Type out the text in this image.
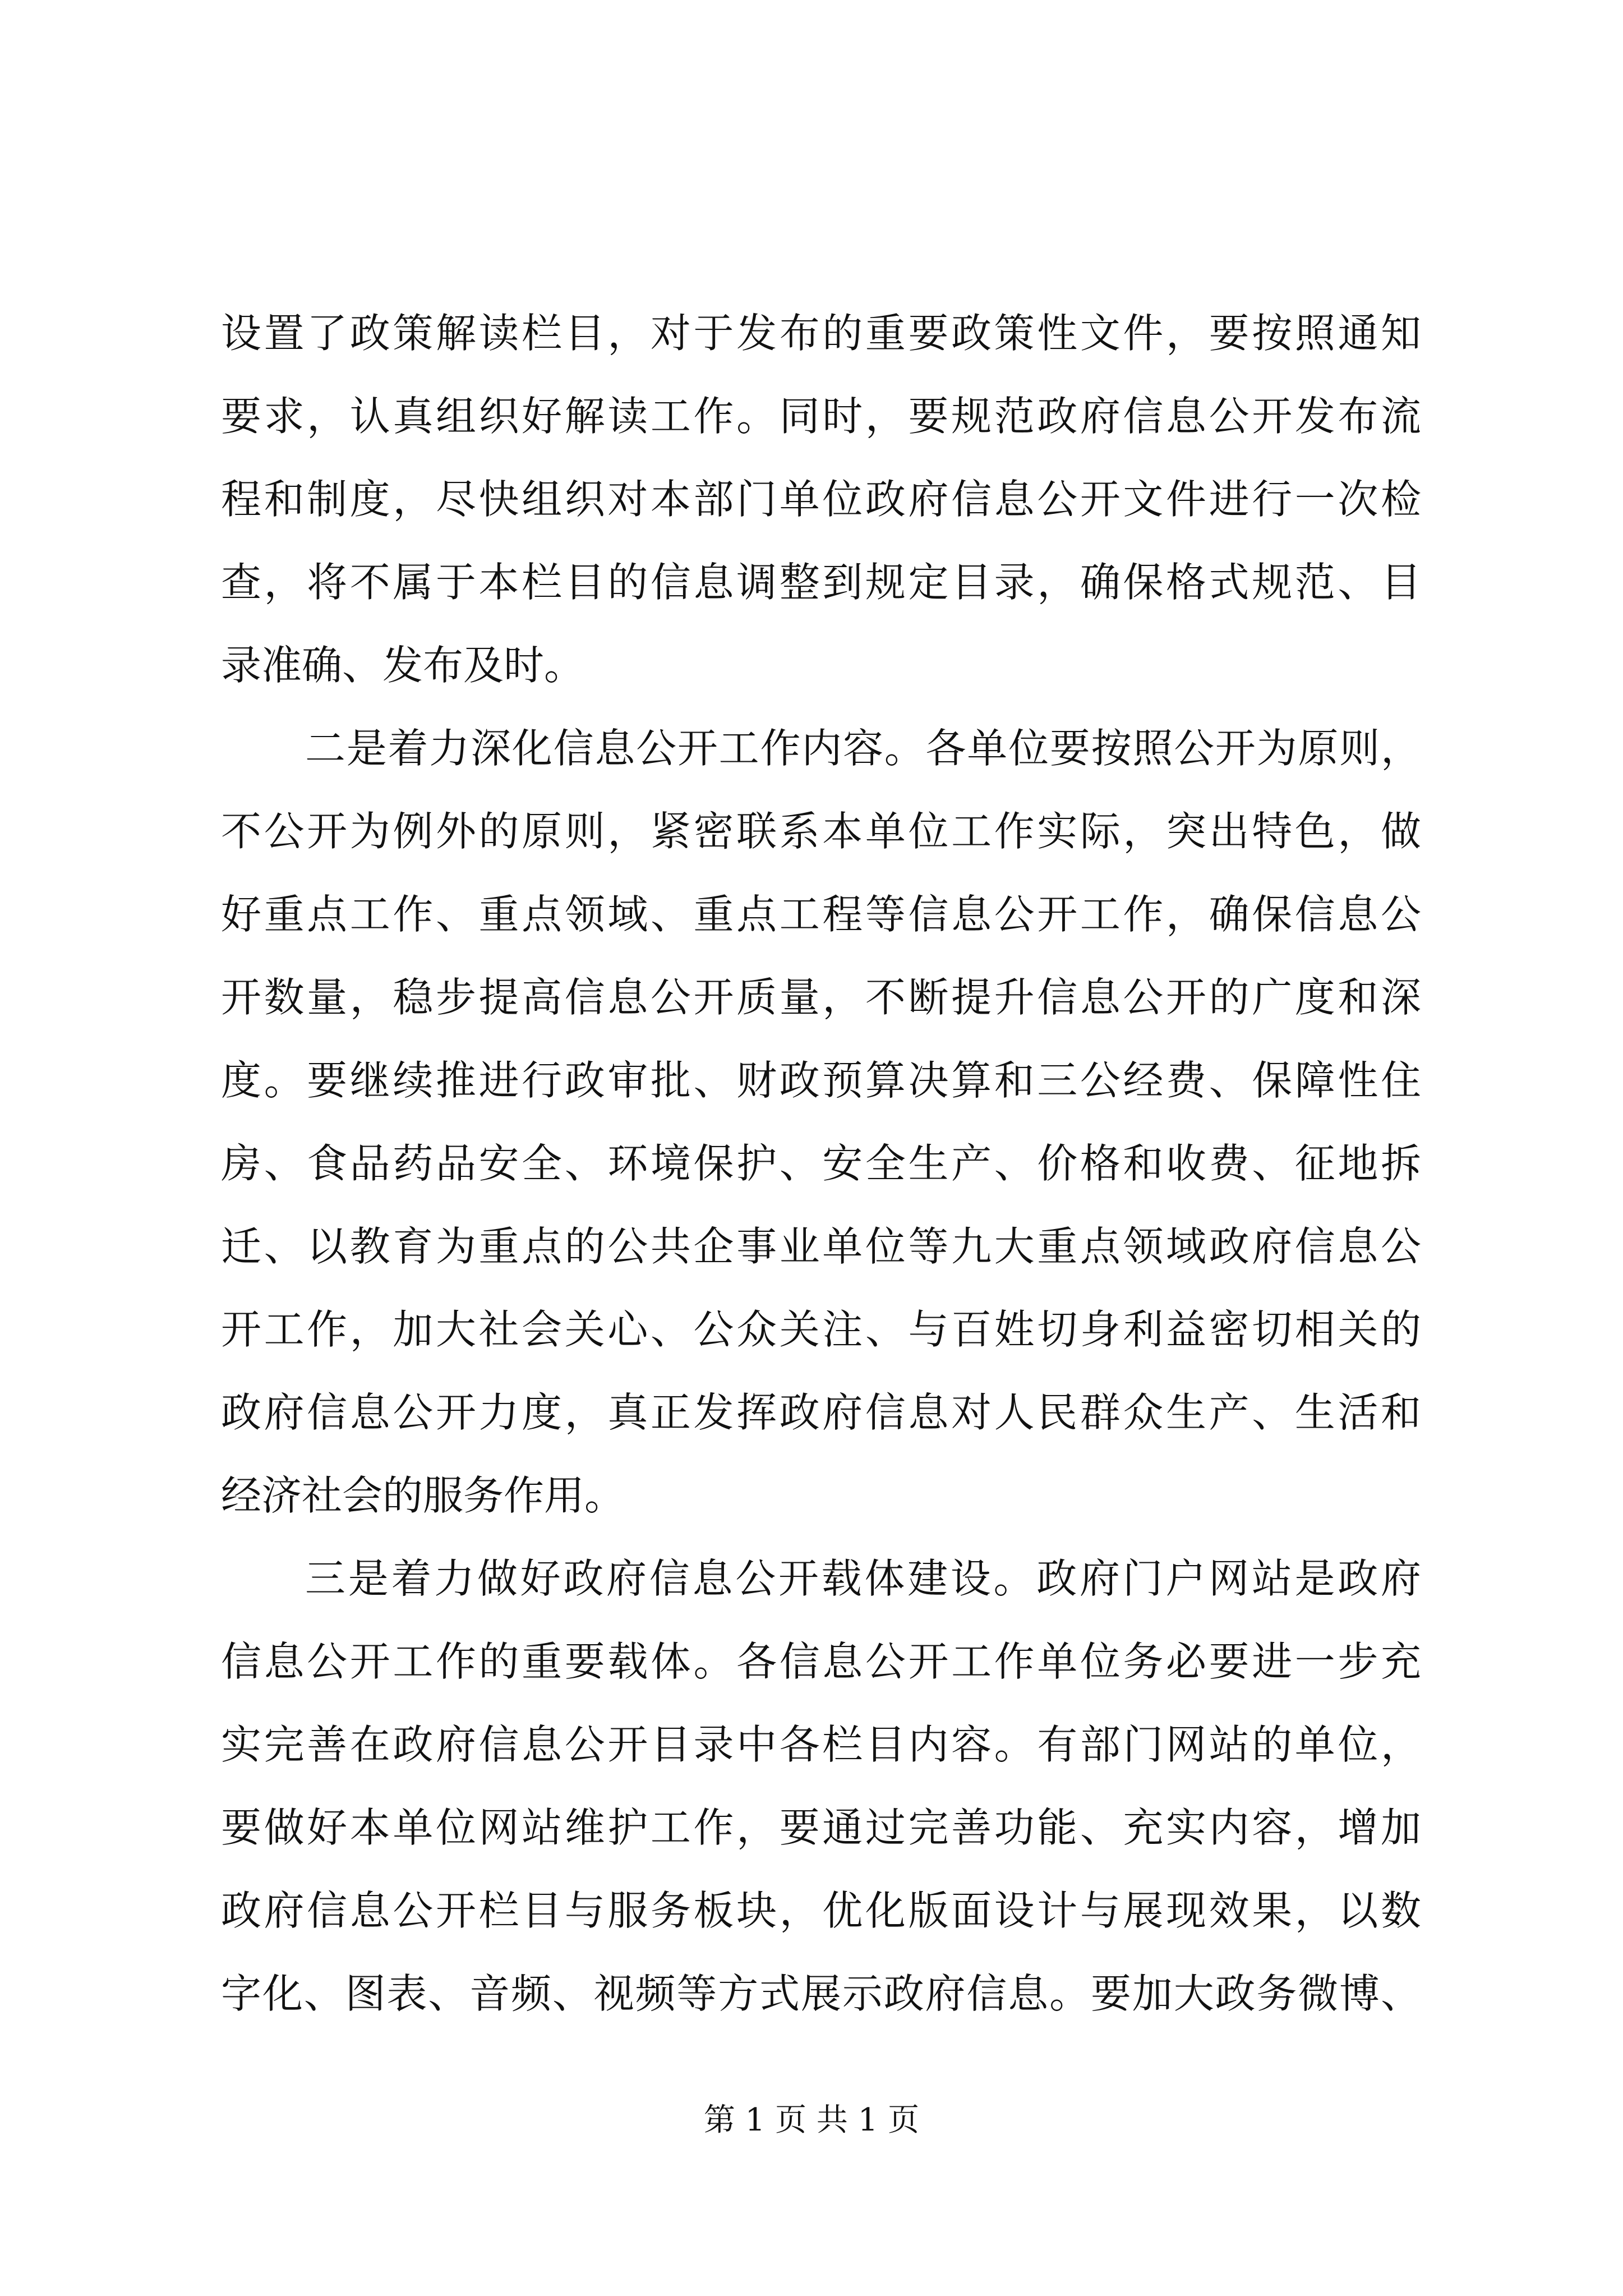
设置了政策解读栏目，对于发布的重要政策性文件，要按照通知
要求，认真组织好解读工作。同时，要规范政府信息公开发布流
程和制度，尽快组织对本部门单位政府信息公开文件进行一次检
查，将不属于本栏目的信息调整到规定目录，确保格式规范、目
录准确、发布及时。
二是着力深化信息公开工作内容。各单位要按照公开为原则，
不公开为例外的原则，紧密联系本单位工作实际，突出特色，做
好重点工作、重点领域、重点工程等信息公开工作，确保信息公
开数量，稳步提高信息公开质量，不断提升信息公开的广度和深
度。要继续推进行政审批、财政预算决算和三公经费、保障性住
房、食品药品安全、环境保护、安全生产、价格和收费、征地拆
迁、以教育为重点的公共企事业单位等九大重点领域政府信息公
开工作，加大社会关心、公众关注、与百姓切身利益密切相关的
政府信息公开力度，真正发挥政府信息对人民群众生产、生活和
经济社会的服务作用。
三是着力做好政府信息公开载体建设。政府门户网站是政府
信息公开工作的重要载体。各信息公开工作单位务必要进一步充
实完善在政府信息公开目录中各栏目内容。有部门网站的单位，
要做好本单位网站维护工作，要通过完善功能、充实内容，增加
政府信息公开栏目与服务板块，优化版面设计与展现效果，以数
字化、图表、音频、视频等方式展示政府信息。要加大政务微博、
第 1 页 共 1 页
